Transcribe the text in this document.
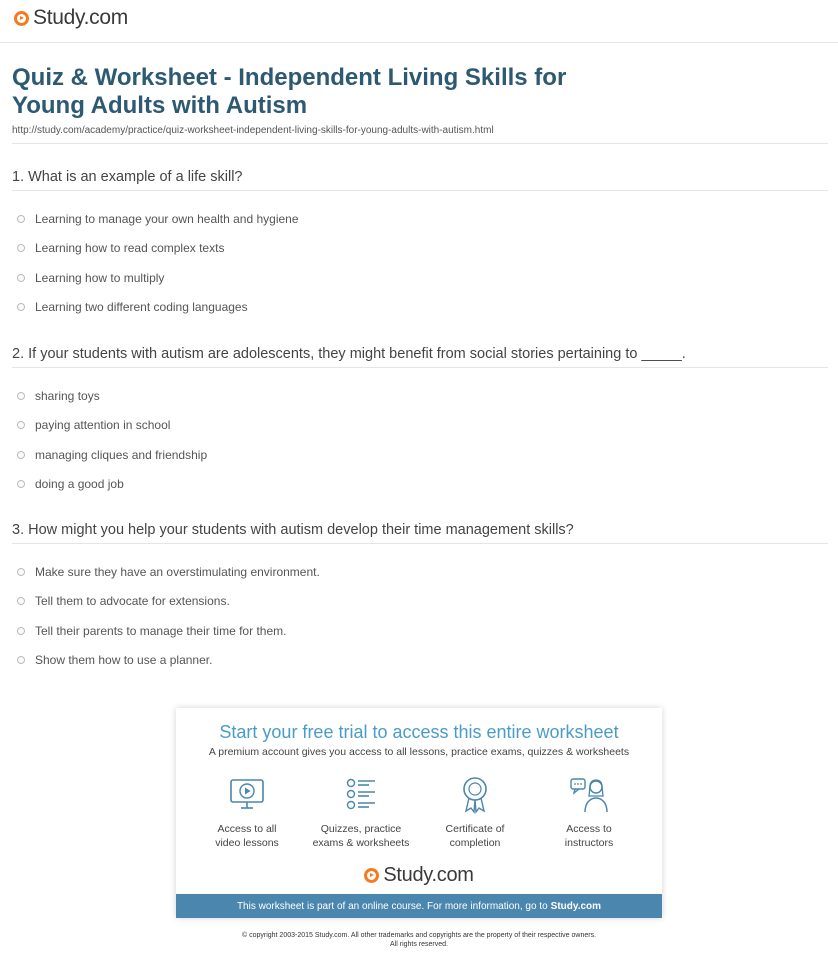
Study.com
Quiz & Worksheet - Independent Living Skills for Young Adults with Autism
http://study.com/academy/practice/quiz-worksheet-independent-living-skills-for-young-adults-with-autism.html
1. What is an example of a life skill?
Learning to manage your own health and hygiene
Learning how to read complex texts
Learning how to multiply
Learning two different coding languages
2. If your students with autism are adolescents, they might benefit from social stories pertaining to _____.
sharing toys
paying attention in school
managing cliques and friendship
doing a good job
3. How might you help your students with autism develop their time management skills?
Make sure they have an overstimulating environment.
Tell them to advocate for extensions.
Tell their parents to manage their time for them.
Show them how to use a planner.
Start your free trial to access this entire worksheet
A premium account gives you access to all lessons, practice exams, quizzes & worksheets
Access to all
video lessons
Quizzes, practice
exams & worksheets
Certificate of
completion
Access to
instructors
Study.com
This worksheet is part of an online course. For more information, go to Study.com
© copyright 2003-2015 Study.com. All other trademarks and copyrights are the property of their respective owners.
All rights reserved.
